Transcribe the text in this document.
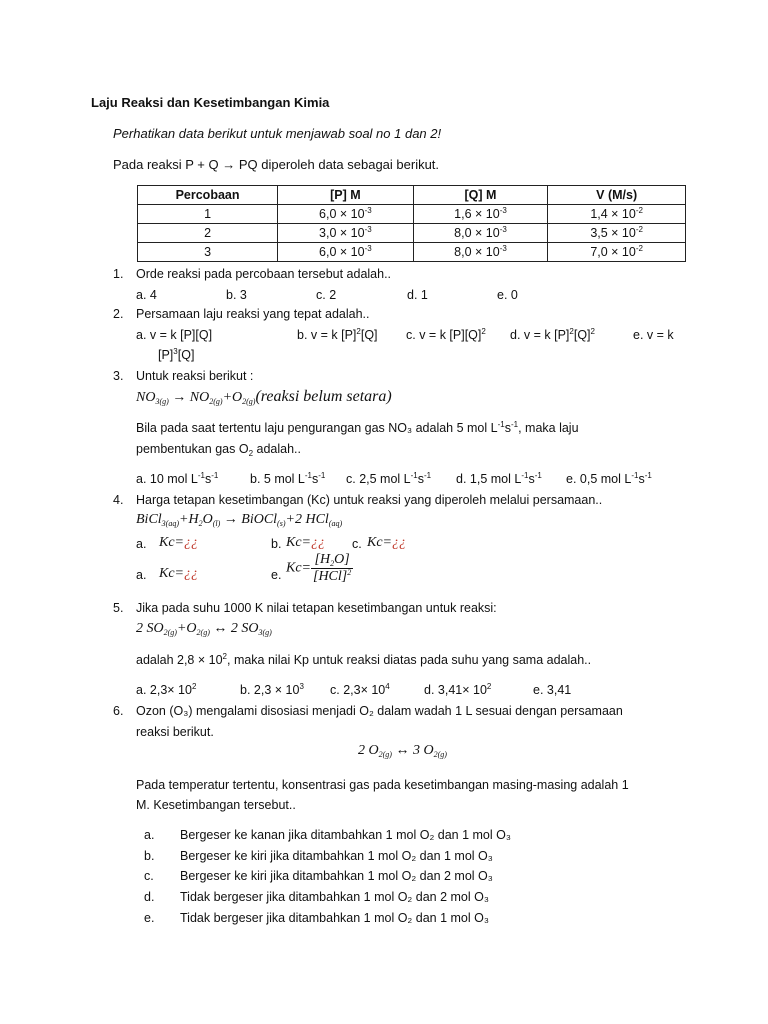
Laju Reaksi dan Kesetimbangan Kimia
Perhatikan data berikut untuk menjawab soal no 1 dan 2!
Pada reaksi P + Q → PQ diperoleh data sebagai berikut.
Percobaan	[P] M	[Q] M	V (M/s)
1	$6,0 \times 10^{-3}$	$1,6 \times 10^{-3}$	$1,4 \times 10^{-2}$
2	$3,0 \times 10^{-3}$	$8,0 \times 10^{-3}$	$3,5 \times 10^{-2}$
3	$6,0 \times 10^{-3}$	$8,0 \times 10^{-3}$	$7,0 \times 10^{-2}$
1. Orde reaksi pada percobaan tersebut adalah..
a. 4	b. 3	c. 2	d. 1	e. 0
2. Persamaan laju reaksi yang tepat adalah..
a. v = k [P][Q]	b. v = k $[P]^2[Q]$ c. v = k $[P][Q]^2$ d. v = k $[P]^2[Q]^2$	e. v = k
$[P]^3[Q]$
3. Untuk reaksi berikut :
$NO_{3(g)}$ → $NO_{2(g)}+O_{2(g)}(reaksi$ belum setara)
Bila pada saat tertentu laju pengurangan gas NO₃ adalah 5 mol $L^{-1}s^{-1}$, maka laju
pembentukan gas $O_2$ adalah..
a. 10 mol $L^{-1}s^{-1}$	b. 5 mol $L^{-1}s^{-1}$ c. 2,5 mol $L^{-1}s^{-1}$ d. 1,5 mol $L^{-1}s^{-1}$ e. 0,5 mol $L^{-1}s^{-1}$
4. Harga tetapan kesetimbangan (Kc) untuk reaksi yang diperoleh melalui persamaan..
$BiCl_{3(aq)}+H_2O_{(l)}$ → BiOCl$_{(s)}$+2 HCl$_{(aq)}$
a. Kc=¿¿	b. Kc=¿¿ c. Kc=¿¿
a. Kc=¿¿	e. $Kc= \frac{[H_2O]}{[HCl]^2}$
5. Jika pada suhu 1000 K nilai tetapan kesetimbangan untuk reaksi:
2 $SO_{2(g)}+O_{2(g)}$ ↔ 2 $SO_{3(g)}$
adalah $2,8 \times 10^2$, maka nilai Kp untuk reaksi diatas pada suhu yang sama adalah..
a. $2,3\times 10^2$	b. $2,3 \times 10^3$ c. $2,3\times 10^4$	d. $3,41\times 10^2$	e. 3,41
6. Ozon (O₃) mengalami disosiasi menjadi O₂ dalam wadah 1 L sesuai dengan persamaan
reaksi berikut.
2 $O_{2(g)}$ ↔ 3 $O_{2(g)}$
Pada temperatur tertentu, konsentrasi gas pada kesetimbangan masing-masing adalah 1
M. Kesetimbangan tersebut..
a. Bergeser ke kanan jika ditambahkan 1 mol O₂ dan 1 mol O₃
b. Bergeser ke kiri jika ditambahkan 1 mol O₂ dan 1 mol O₃
c. Bergeser ke kiri jika ditambahkan 1 mol O₂ dan 2 mol O₃
d. Tidak bergeser jika ditambahkan 1 mol O₂ dan 2 mol O₃
e. Tidak bergeser jika ditambahkan 1 mol O₂ dan 1 mol O₃
